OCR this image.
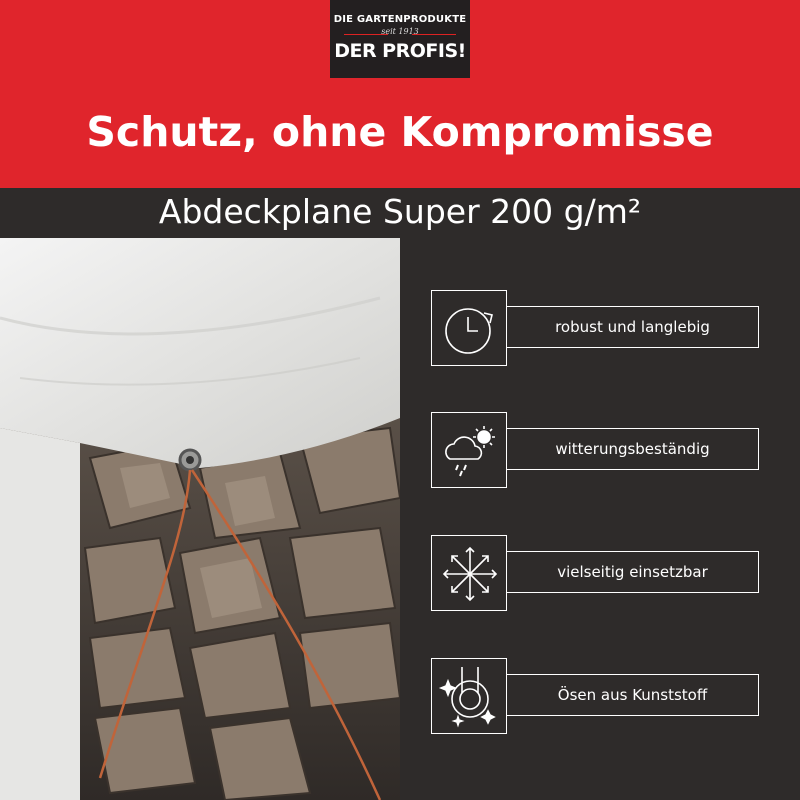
DIE GARTENPRODUKTE
seit 1913
DER PROFIS!
Schutz, ohne Kompromisse
Abdeckplane Super 200 g/m²
robust und langlebig
witterungsbeständig
vielseitig einsetzbar
Ösen aus Kunststoff
